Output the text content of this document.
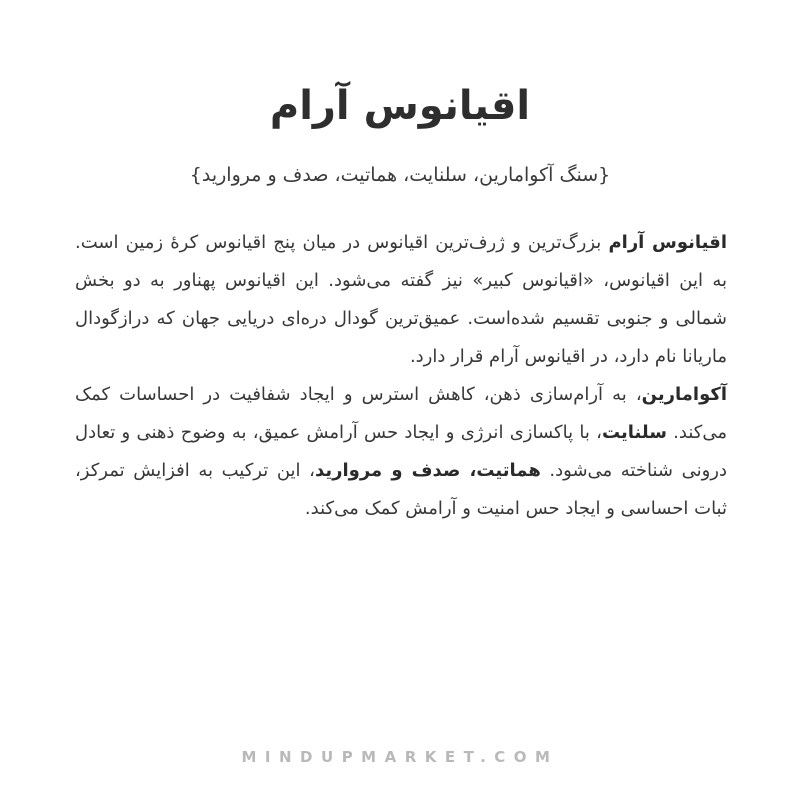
اقیانوس آرام
{سنگ آکوامارین، سلنایت، هماتیت، صدف و مروارید}

اقیانوس آرام بزرگ‌ترین و ژرف‌ترین اقیانوس در میان پنج اقیانوس کرهٔ زمین است. به این اقیانوس، «اقیانوس کبیر» نیز گفته می‌شود. این اقیانوس پهناور به دو بخش شمالی و جنوبی تقسیم شده‌است. عمیق‌ترین گودال دره‌ای دریایی جهان که درازگودال ماریانا نام دارد، در اقیانوس آرام قرار دارد.

آکوامارین، به آرام‌سازی ذهن، کاهش استرس و ایجاد شفافیت در احساسات کمک می‌کند. سلنایت، با پاکسازی انرژی و ایجاد حس آرامش عمیق، به وضوح ذهنی و تعادل درونی شناخته می‌شود. هماتیت، صدف و مروارید، این ترکیب به افزایش تمرکز، ثبات احساسی و ایجاد حس امنیت و آرامش کمک می‌کند.

MINDUPMARKET.COM
